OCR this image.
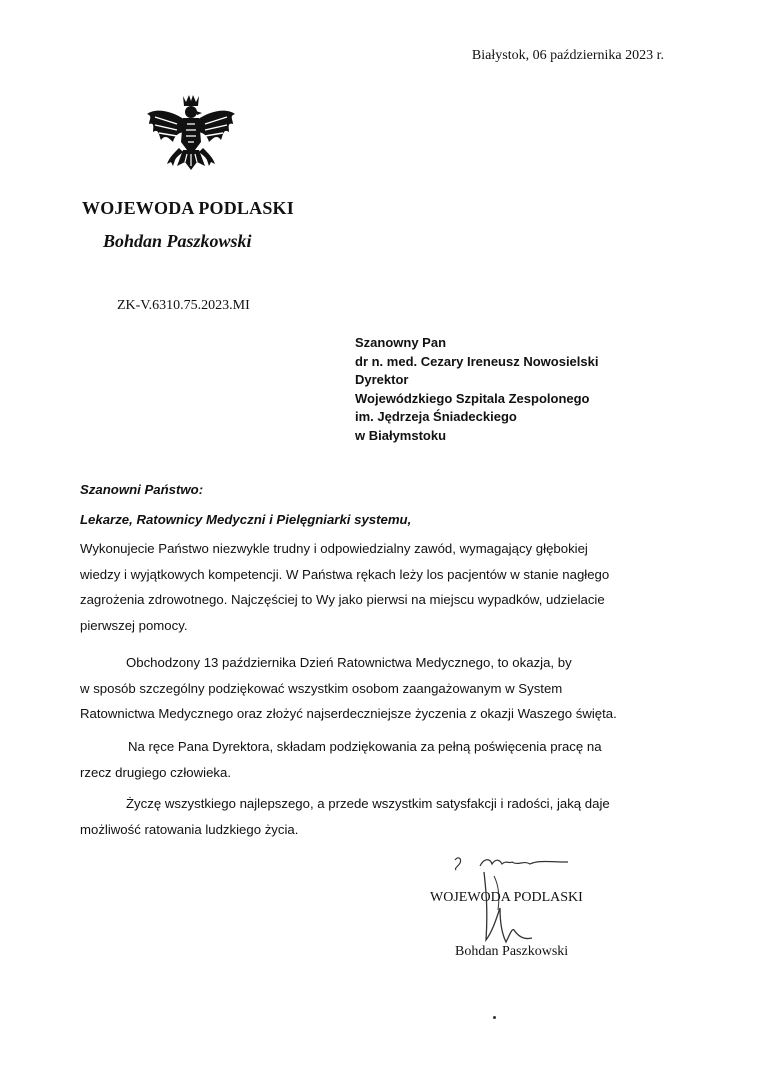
Białystok, 06 października 2023 r.
WOJEWODA PODLASKI
Bohdan Paszkowski
ZK-V.6310.75.2023.MI
Szanowny Pan
dr n. med. Cezary Ireneusz Nowosielski
Dyrektor
Wojewódzkiego Szpitala Zespolonego
im. Jędrzeja Śniadeckiego
w Białymstoku
Szanowni Państwo:
Lekarze, Ratownicy Medyczni i Pielęgniarki systemu,
Wykonujecie Państwo niezwykle trudny i odpowiedzialny zawód, wymagający głębokiej
wiedzy i wyjątkowych kompetencji. W Państwa rękach leży los pacjentów w stanie nagłego
zagrożenia zdrowotnego. Najczęściej to Wy jako pierwsi na miejscu wypadków, udzielacie
pierwszej pomocy.
Obchodzony 13 października Dzień Ratownictwa Medycznego, to okazja, by
w sposób szczególny podziękować wszystkim osobom zaangażowanym w System
Ratownictwa Medycznego oraz złożyć najserdeczniejsze życzenia z okazji Waszego święta.
Na ręce Pana Dyrektora, składam podziękowania za pełną poświęcenia pracę na
rzecz drugiego człowieka.
Życzę wszystkiego najlepszego, a przede wszystkim satysfakcji i radości, jaką daje
możliwość ratowania ludzkiego życia.
WOJEWODA PODLASKI
Bohdan Paszkowski
